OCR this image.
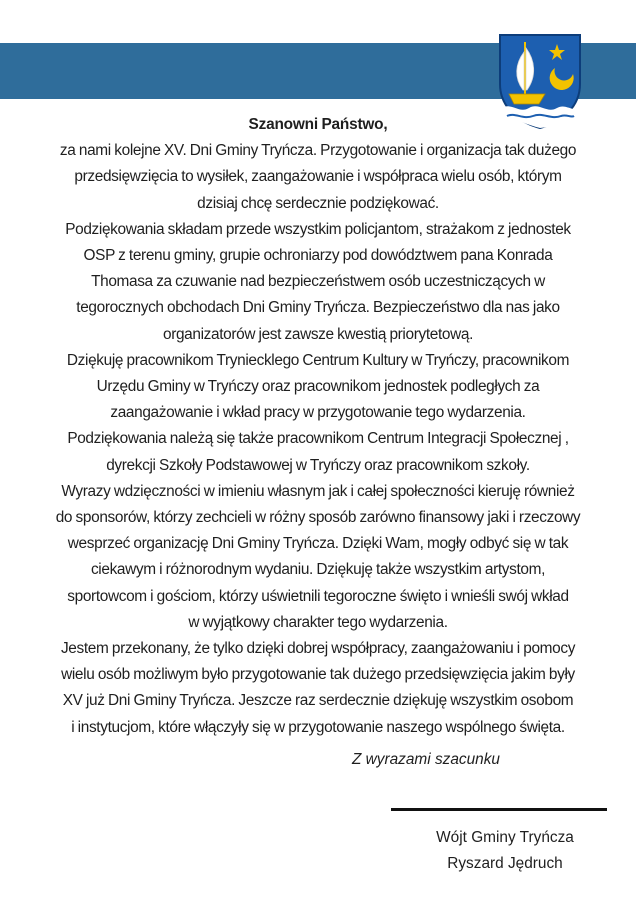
Szanowni Państwo,
za nami kolejne XV. Dni Gminy Tryńcza. Przygotowanie i organizacja tak dużego
przedsięwzięcia to wysiłek, zaangażowanie i współpraca wielu osób, którym
dzisiaj chcę serdecznie podziękować.
Podziękowania składam przede wszystkim policjantom, strażakom z jednostek
OSP z terenu gminy, grupie ochroniarzy pod dowództwem pana Konrada
Thomasa za czuwanie nad bezpieczeństwem osób uczestniczących w
tegorocznych obchodach Dni Gminy Tryńcza. Bezpieczeństwo dla nas jako
organizatorów jest zawsze kwestią priorytetową.
Dziękuję pracownikom Tryniecklego Centrum Kultury w Tryńczy, pracownikom
Urzędu Gminy w Tryńczy oraz pracownikom jednostek podległych za
zaangażowanie i wkład pracy w przygotowanie tego wydarzenia.
Podziękowania należą się także pracownikom Centrum Integracji Społecznej ,
dyrekcji Szkoły Podstawowej w Tryńczy oraz pracownikom szkoły.
Wyrazy wdzięczności w imieniu własnym jak i całej społeczności kieruję również
do sponsorów, którzy zechcieli w różny sposób zarówno finansowy jaki i rzeczowy
wesprzeć organizację Dni Gminy Tryńcza. Dzięki Wam, mogły odbyć się w tak
ciekawym i różnorodnym wydaniu. Dziękuję także wszystkim artystom,
sportowcom i gościom, którzy uświetnili tegoroczne święto i wnieśli swój wkład
w wyjątkowy charakter tego wydarzenia.
Jestem przekonany, że tylko dzięki dobrej współpracy, zaangażowaniu i pomocy
wielu osób możliwym było przygotowanie tak dużego przedsięwzięcia jakim były
XV już Dni Gminy Tryńcza. Jeszcze raz serdecznie dziękuję wszystkim osobom
i instytucjom, które włączyły się w przygotowanie naszego wspólnego święta.
Z wyrazami szacunku
Wójt Gminy Tryńcza
Ryszard Jędruch
